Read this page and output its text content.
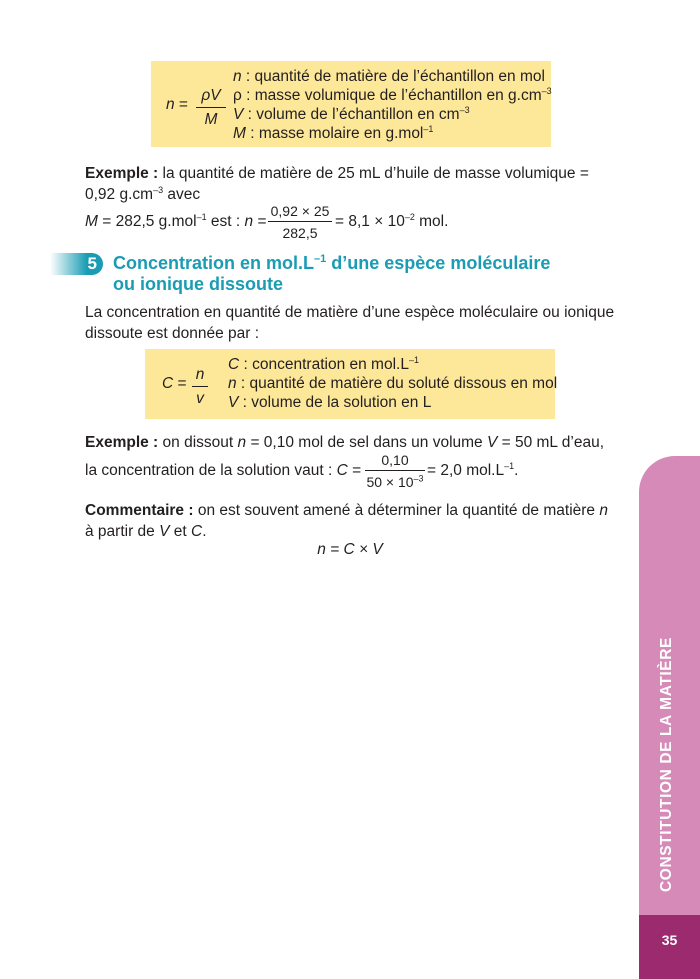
$n = \frac{\rho V}{M}$
n : quantité de matière de l’échantillon en mol
ρ : masse volumique de l’échantillon en $g.cm^{-3}$
V : volume de l’échantillon en $cm^{-3}$
M : masse molaire en g.mol$^{-1}$
Exemple : la quantité de matière de 25 mL d’huile de masse volumique =
0,92 $g.cm^{-3}$ avec
M = 282,5 g.mol$^{-1}$ est : $n = \frac{0,92 \times 25}{282,5} = 8,1 \times 10^{-2}$ mol.
5 Concentration en $mol.L^{-1}$ d’une espèce moléculaire
ou ionique dissoute
La concentration en quantité de matière d’une espèce moléculaire ou ionique
dissoute est donnée par :
$C = \frac{n}{v}$
C : concentration en $mol.L^{-1}$
n : quantité de matière du soluté dissous en mol
V : volume de la solution en L
Exemple : on dissout n = 0,10 mol de sel dans un volume V = 50 mL d’eau,
la concentration de la solution vaut : $C = \frac{0,10}{50 \times 10^{-3}} = 2,0$ $mol.L^{-1}$.
Commentaire : on est souvent amené à déterminer la quantité de matière n
à partir de V et C.
n = C × V
CONSTITUTION DE LA MATIÈRE
35
